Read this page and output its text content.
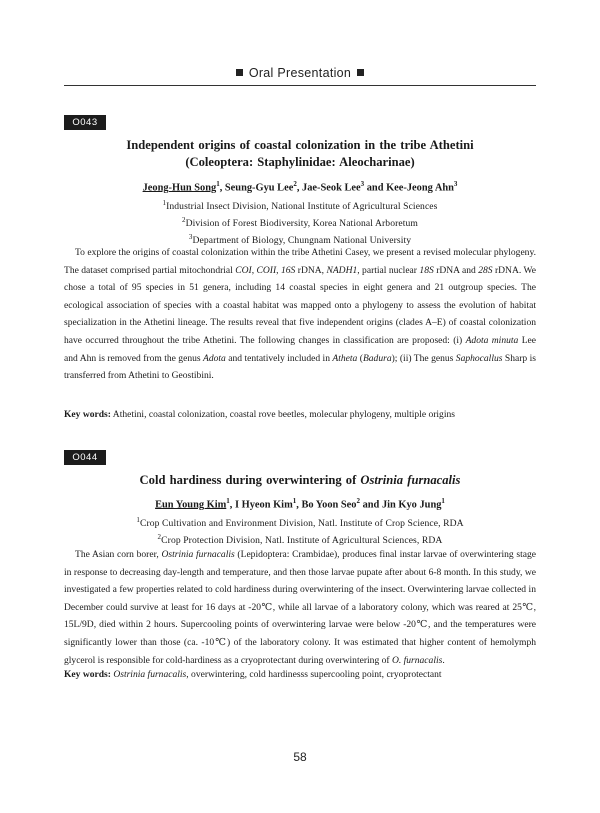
Oral Presentation
O043
Independent origins of coastal colonization in the tribe Athetini
(Coleoptera: Staphylinidae: Aleocharinae)
Jeong-Hun Song$^1$, Seung-Gyu Lee$^2$, Jae-Seok Lee$^3$ and Kee-Jeong Ahn$^3$
$^1$Industrial Insect Division, National Institute of Agricultural Sciences
$^2$Division of Forest Biodiversity, Korea National Arboretum
$^3$Department of Biology, Chungnam National University
To explore the origins of coastal colonization within the tribe Athetini Casey, we present a revised molecular phylogeny. The dataset comprised partial mitochondrial COI, COII, 16S rDNA, NADH1, partial nuclear 18S rDNA and 28S rDNA. We chose a total of 95 species in 51 genera, including 14 coastal species in eight genera and 21 outgroup species. The ecological association of species with a coastal habitat was mapped onto a phylogeny to assess the evolution of habitat specialization in the Athetini lineage. The results reveal that five independent origins (clades A–E) of coastal colonization have occurred throughout the tribe Athetini. The following changes in classification are proposed: (i) Adota minuta Lee and Ahn is removed from the genus Adota and tentatively included in Atheta (Badura); (ii) The genus Saphocallus Sharp is transferred from Athetini to Geostibini.
Key words: Athetini, coastal colonization, coastal rove beetles, molecular phylogeny, multiple origins
O044
Cold hardiness during overwintering of Ostrinia furnacalis
Eun Young Kim$^1$, I Hyeon Kim$^1$, Bo Yoon Seo$^2$ and Jin Kyo Jung$^1$
$^1$Crop Cultivation and Environment Division, Natl. Institute of Crop Science, RDA
$^2$Crop Protection Division, Natl. Institute of Agricultural Sciences, RDA
The Asian corn borer, Ostrinia furnacalis (Lepidoptera: Crambidae), produces final instar larvae of overwintering stage in response to decreasing day-length and temperature, and then those larvae pupate after about 6-8 month. In this study, we investigated a few properties related to cold hardiness during overwintering of the insect. Overwintering larvae collected in December could survive at least for 16 days at -20℃, while all larvae of a laboratory colony, which was reared at 25℃, 15L/9D, died within 2 hours. Supercooling points of overwintering larvae were below -20℃, and the temperatures were significantly lower than those (ca. -10℃) of the laboratory colony. It was estimated that higher content of hemolymph glycerol is responsible for cold-hardiness as a cryoprotectant during overwintering of O. furnacalis.
Key words: Ostrinia furnacalis, overwintering, cold hardinesss supercooling point, cryoprotectant
58
